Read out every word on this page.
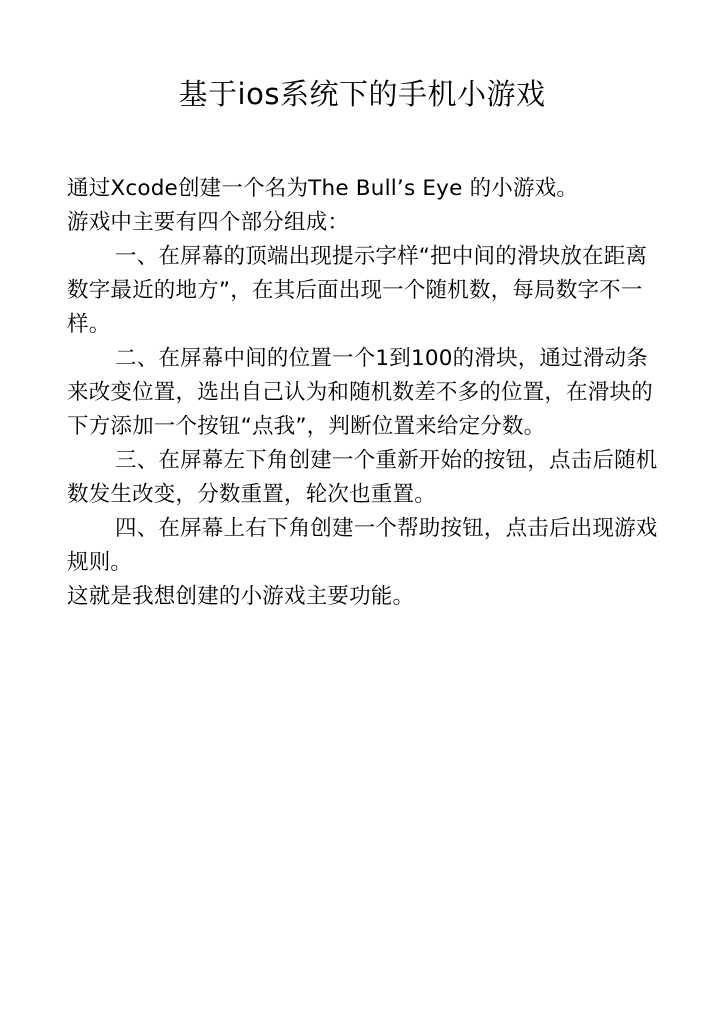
基于ios系统下的手机小游戏

通过Xcode创建一个名为The Bull’s Eye 的小游戏。

游戏中主要有四个部分组成：

一、在屏幕的顶端出现提示字样“把中间的滑块放在距离数字最近的地方”，在其后面出现一个随机数，每局数字不一样。

二、在屏幕中间的位置一个1到100的滑块，通过滑动条来改变位置，选出自己认为和随机数差不多的位置，在滑块的下方添加一个按钮“点我”，判断位置来给定分数。

三、在屏幕左下角创建一个重新开始的按钮，点击后随机数发生改变，分数重置，轮次也重置。

四、在屏幕上右下角创建一个帮助按钮，点击后出现游戏规则。

这就是我想创建的小游戏主要功能。
